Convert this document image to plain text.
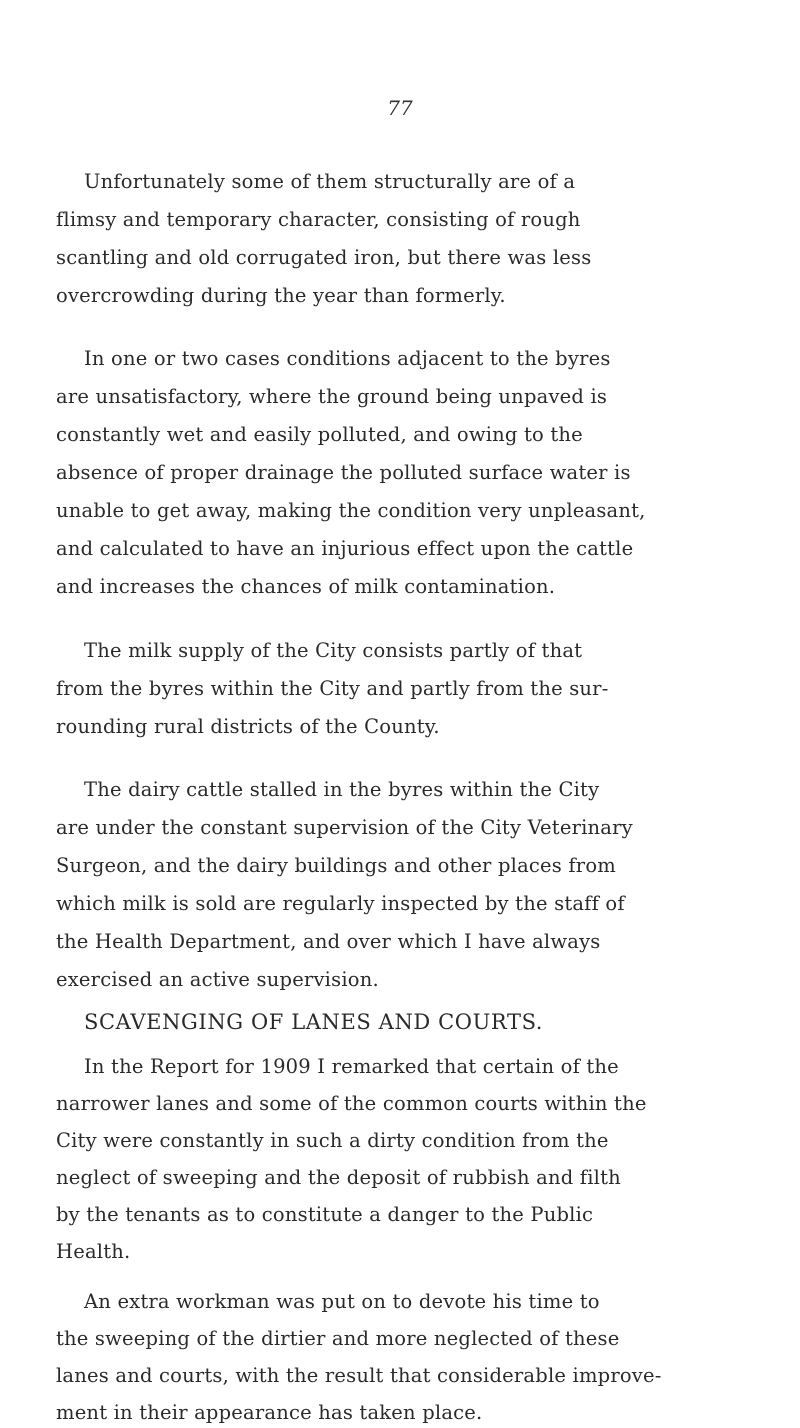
77
Unfortunately some of them structurally are of a
flimsy and temporary character, consisting of rough
scantling and old corrugated iron, but there was less
overcrowding during the year than formerly.
In one or two cases conditions adjacent to the byres
are unsatisfactory, where the ground being unpaved is
constantly wet and easily polluted, and owing to the
absence of proper drainage the polluted surface water is
unable to get away, making the condition very unpleasant,
and calculated to have an injurious effect upon the cattle
and increases the chances of milk contamination.
The milk supply of the City consists partly of that
from the byres within the City and partly from the sur-
rounding rural districts of the County.
The dairy cattle stalled in the byres within the City
are under the constant supervision of the City Veterinary
Surgeon, and the dairy buildings and other places from
which milk is sold are regularly inspected by the staff of
the Health Department, and over which I have always
exercised an active supervision.
SCAVENGING OF LANES AND COURTS.
In the Report for 1909 I remarked that certain of the
narrower lanes and some of the common courts within the
City were constantly in such a dirty condition from the
neglect of sweeping and the deposit of rubbish and filth
by the tenants as to constitute a danger to the Public
Health.
An extra workman was put on to devote his time to
the sweeping of the dirtier and more neglected of these
lanes and courts, with the result that considerable improve-
ment in their appearance has taken place.
